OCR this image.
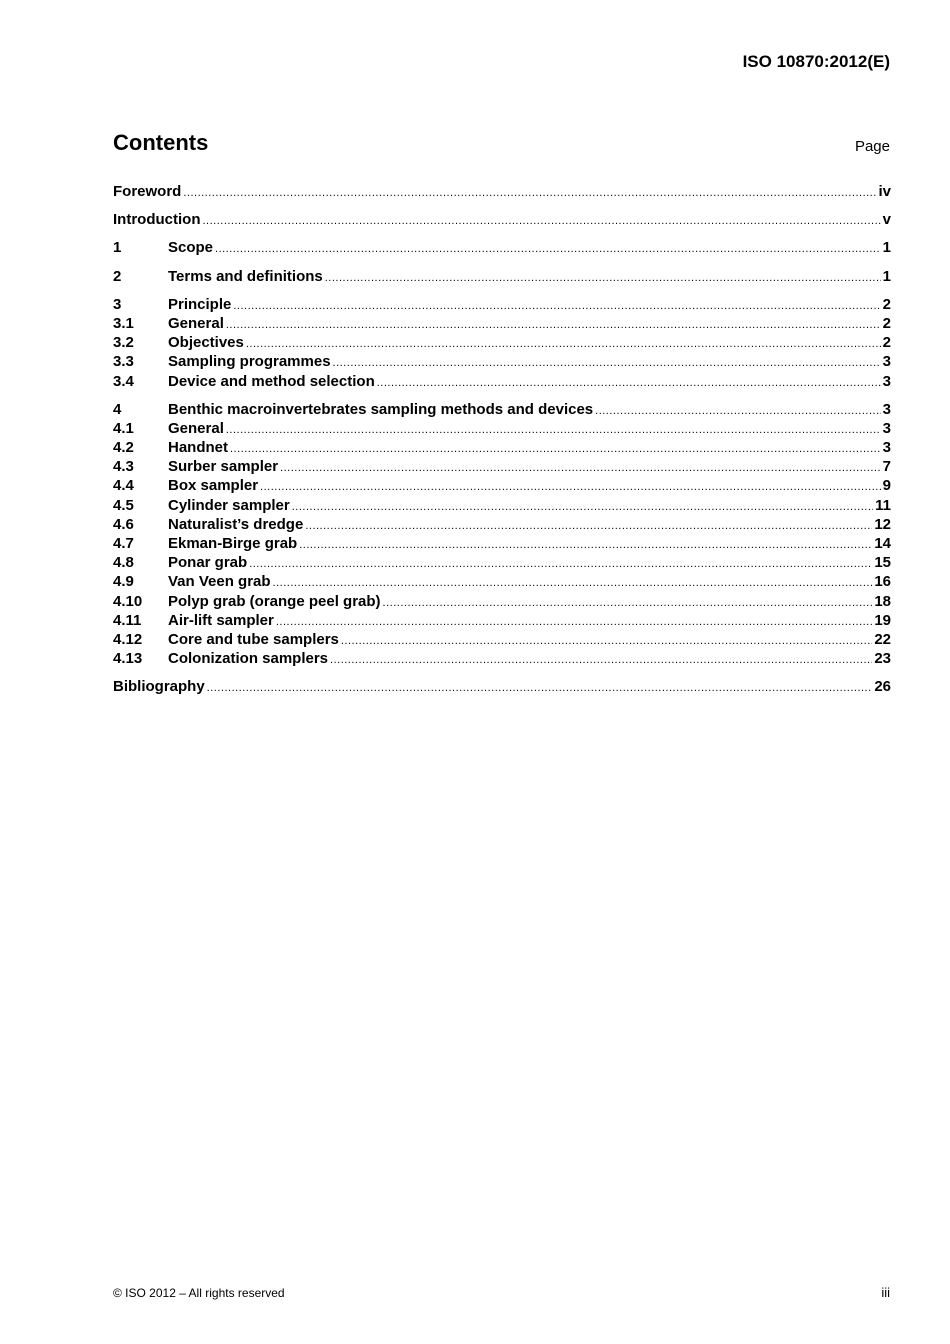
ISO 10870:2012(E)
Contents	Page
Foreword .....	iv
Introduction .....	v
1	Scope .....	1
2	Terms and definitions .....	1
3	Principle .....	2
3.1	General .....	2
3.2	Objectives .....	2
3.3	Sampling programmes .....	3
3.4	Device and method selection .....	3
4	Benthic macroinvertebrates sampling methods and devices .....	3
4.1	General .....	3
4.2	Handnet .....	3
4.3	Surber sampler .....	7
4.4	Box sampler .....	9
4.5	Cylinder sampler .....	11
4.6	Naturalist’s dredge .....	12
4.7	Ekman-Birge grab .....	14
4.8	Ponar grab .....	15
4.9	Van Veen grab .....	16
4.10	Polyp grab (orange peel grab) .....	18
4.11	Air-lift sampler .....	19
4.12	Core and tube samplers .....	22
4.13	Colonization samplers .....	23
Bibliography .....	26
© ISO 2012 – All rights reserved	iii
